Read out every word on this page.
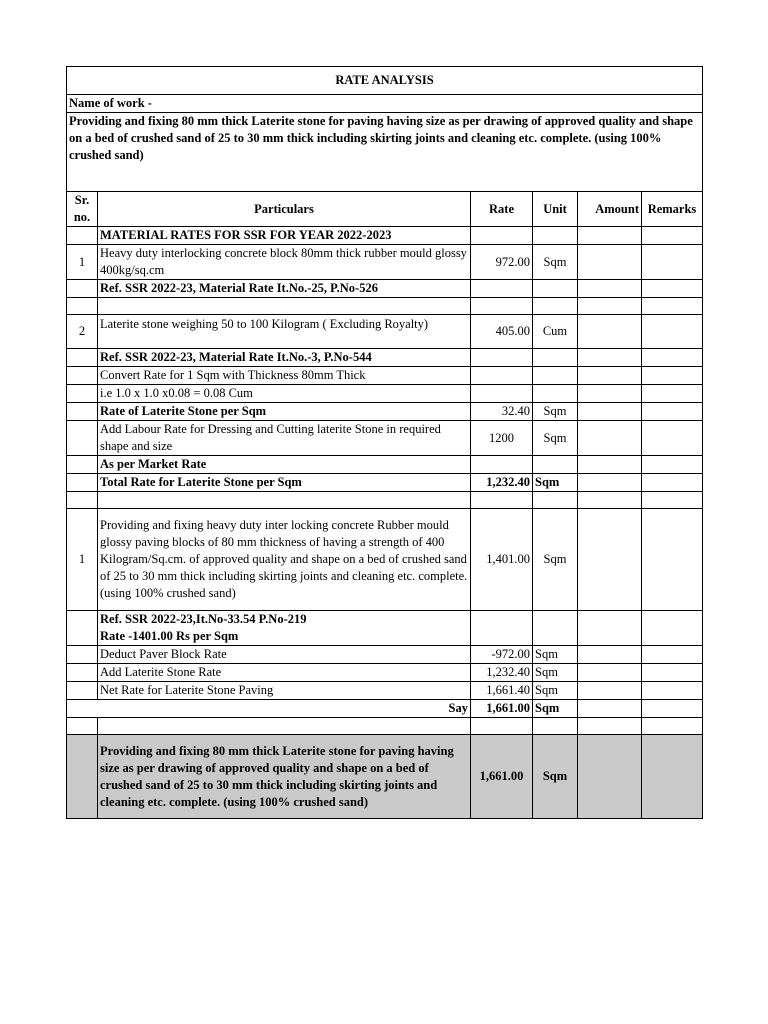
RATE ANALYSIS					
Name of work -					
Providing and fixing 80 mm thick Laterite stone for paving having size as per drawing of approved quality and shape on a bed of crushed sand of 25 to 30 mm thick including skirting joints and cleaning etc. complete. (using 100% crushed sand)					
Sr. no.	Particulars	Rate	Unit	Amount	Remarks
	MATERIAL RATES FOR SSR FOR YEAR 2022-2023				
1	Heavy duty interlocking concrete block 80mm thick rubber mould glossy 400kg/sq.cm	972.00	Sqm		
	Ref. SSR 2022-23, Material Rate It.No.-25, P.No-526				

2	Laterite stone weighing 50 to 100 Kilogram ( Excluding Royalty)	405.00	Cum		
	Ref. SSR 2022-23, Material Rate It.No.-3, P.No-544				
	Convert Rate for 1 Sqm with Thickness 80mm Thick				
	i.e 1.0 x 1.0 x0.08 = 0.08 Cum				
	Rate of Laterite Stone per Sqm	32.40	Sqm		
	Add Labour Rate for Dressing and Cutting laterite Stone in required shape and size	1200	Sqm		
	As per Market Rate				
	Total Rate for Laterite Stone per Sqm	1,232.40	Sqm		

1	Providing and fixing heavy duty inter locking concrete Rubber mould glossy paving blocks of 80 mm thickness of having a strength of 400 Kilogram/Sq.cm. of approved quality and shape on a bed of crushed sand of 25 to 30 mm thick including skirting joints and cleaning etc. complete. (using 100% crushed sand)	1,401.00	Sqm		

	Ref. SSR 2022-23,It.No-33.54 P.No-219
Rate -1401.00 Rs per Sqm				

	Deduct Paver Block Rate	-972.00	Sqm		
	Add Laterite Stone Rate	1,232.40	Sqm		
	Net Rate for Laterite Stone Paving	1,661.40	Sqm		
Say		1,661.00	Sqm		

	Providing and fixing 80 mm thick Laterite stone for paving having size as per drawing of approved quality and shape on a bed of crushed sand of 25 to 30 mm thick including skirting joints and cleaning etc. complete. (using 100% crushed sand)	1,661.00	Sqm		
